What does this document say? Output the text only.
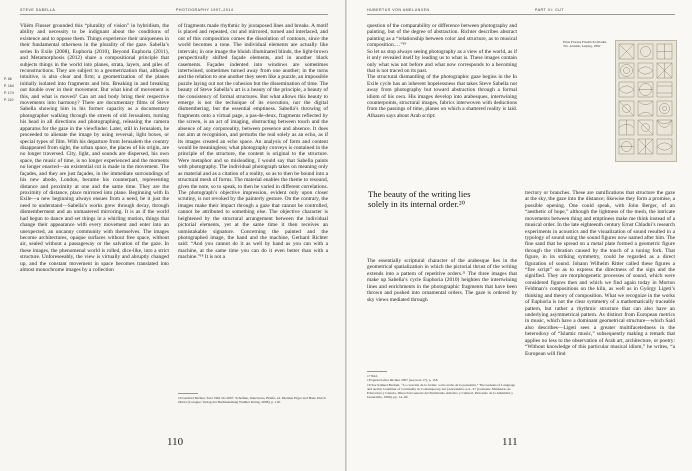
STEVE SABELLA	PHOTOGRAPHY 1997–2014
P. 66
P. 164
P. 174
P. 110

Vilém Flusser grounded this “plurality of vision” in hybridism, the ability and necessity to be indignant about the conditions of existence and to oppose them. Things experience their uniqueness in their fundamental otherness in the plurality of the gaze. Sabella’s series In Exile (2008), Euphoria (2010), Beyond Euphoria (2011), and Metamorphosis (2012) share a compositional principle that subjects things in the world into planes, strata, layers, and piles of reconstructions. They are subject to a geometrization that, although intuitive, is also clear and firm; a geometrization of the planes initially isolated into fragments and bits. Breaking in and breaking out double over in their movement. But what kind of movement is this, and what is moved? Can art and body bring their respective movements into harmony? There are documentary films of Steve Sabella showing him in his former capacity as a documentary photographer walking through the streets of old Jerusalem, turning his head in all directions and photographing, releasing the camera apparatus for the gaze in the viewfinder. Later, still in Jerusalem, he proceeded to alienate the image by using reversal, light boxes, or special types of film. With his departure from Jerusalem the country disappeared from sight, the urban space, the places of his origin, are no longer traversed. City, light, and sounds are dispersed, his own space, the music of time, is no longer experienced and the moments no longer enacted—an existential cut is made in the movement. The façades, and they are just façades, in the immediate surroundings of his new abode, London, became his counterpart, representing distance and proximity at one and the same time. They are the proximity of distance, place mirrored into plane. Beginning with In Exile—a new beginning always ensues from a need, be it just the need to understand—Sabella’s works grew through decay, through dismemberment and an unmastered mirroring. It is as if the world had begun to dance and set things in a whirling motion, things that change their appearance with every movement and enter into an unexpected, an uncanny community with themselves. The images become architectures, opaque surfaces without free space, without air, sealed without a passageway or the salvation of the gaze. In these images, the phenomenal world is rolled, dice-like, into a strict structure. Unforeseeably, the view is virtually and abruptly changed up, and the constant movement in space becomes translated into almost monochrome images by a collection

of fragments made rhythmic by juxtaposed lines and breaks. A motif is placed and repeated, cut and mirrored, turned and interlaced, and out of this composition comes the dissolution of contours, since the world becomes a tone. The individual elements are actually like intervals; in one image the bluish illuminated blinds, the light-brown perspectivally shifted façade elements, and in another black casements. Façades indented into windows are sometimes intertwined, sometimes turned away from one another; in the turns and the relation to one another they seem like a puzzle, an impossible puzzle laying out not the cohesion but the dissemination of time. The beauty of Steve Sabella’s art is a beauty of the principle, a beauty of the consistency of formal structures. But what allows this beauty to emerge is not the technique of its execution, nor the digital dismembering, but the essential emptiness. Sabella’s throwing of fragments onto a virtual page, a pas-de-deux, fragments reflected by the screen, is an act of imaging, obstructing between touch and the absence of any corporeality, between presence and absence. It does not aim at recognition, and perturbs the real solely as an echo, as if its images created an echo space. An analysis of form and content would be meaningless; what photography conveys is contained in the principle of the structure, the content is original to the structure. Were metaphor and so misleading, I would say that Sabella paints with photography. The individual photograph takes on meaning only as material and as a citation of a reality, so as to then be bound into a structural mesh of forms. The material enables the theme to resound, gives the note, so to speak, to then be varied in different correlations. The photograph’s objective impression, evident only upon closer scrutiny, is not revoked by the painterly gesture. On the contrary, the images make their impact through a gaze that cannot be controlled, cannot be attributed to something else. The objective character is heightened by the structural arrangement between the individual pictorial elements, yet at the same time it then receives an unmistakable signature. Concerning the painted and the photographed image, the hand and the machine, Gerhard Richter said: “And you cannot do it as well by hand as you can with a machine, at the same time you can do it even better than with a machine.”¹⁸ It is not a

16 Gerhard Richter, Text 1961 bis 2007. Schriften, Interviews, Briefe, ed. Dietmar Elger and Hans Ulrich Obrist (Cologne: Verlag der Buchhandlung Walther König, 2008), p. 116.
110
HUBERTUS VON AMELUNXEN	PART III: CUT

question of the comparability or difference between photography and painting, but of the degree of abstraction. Richter describes abstract painting as a “relationship between color and structure, as to musical composition.…”¹⁹
So let us stop always seeing photography as a view of the world, as if it only revealed itself by leading us to what is. These images contain only what was not before and what now corresponds to a becoming that is not traced on its past.
The structural dismantling of the photographic gaze begins in the In Exile cycle has an inherent hopelessness that takes Steve Sabella not away from photography but toward abstraction through a formal idiom of his own. His images develop into arabesques, intertwining counterpoints, structural images, fabrics interwoven with deductions from the passings of time, planes on which a shattered reality is laid. Alhazen says about Arab script:

The beauty of the writing lies solely in its internal order.²⁰

The essentially scriptural character of the arabesque lies in the geometrical spatialization in which the pictorial thrust of the writing extends into a pattern of repetitive orders.²¹ The three images that make up Sabella’s cycle Euphoria (2010) heighten the intertwining lines and enrichments in the photographic fragments that have been thrown and pushed into ornamental orders. The gaze is ordered by sky views mediated through

17 Ibid.
18 Quoted after Richter 2007 (see note 17), p. 118.
19 See Samuel Beckett, “Lo creación de la forma: a arte arabe de la pensatión,” The Genesis of Language and Arabic Grammar of Continuity in Contemporary Art (Alexandria, n.d., 27 (Granada: Ministerio de Educación y Ciencia, Dirección General del Patrimonio Artístico y Cultural, Patronato de la Alhambra y Generalife, 1990), pp. 14–20.
Ernst Florens Friedrich Chladni, Tav. Acustik, Leipzig, 1802

trectory or branches. These are ramifications that structure the gaze at the sky, the gaze into the distance; likewise they form a promise, a possible opening. One could speak, with John Berger, of an “aesthetic of hope,” although the lightness of the mesh, the intricate movements between thing and emptiness make me think instead of a musical order. In the late eighteenth century Ernst Chladni’s research experiments in acoustics and the visualization of sound resulted in a typology of sound using the sound figures now named after him. The fine sand that he spread on a metal plate formed a geometric figure through the vibration caused by the touch of a tuning fork. That figure, in its striking symmetry, could be regarded as a direct figuration of sound. Johann Wilhelm Ritter called these figures a “fire script” so as to express the directness of the sign and the signified. They are morphogenetic processes of sound, which were considered figures then and which we find again today in Morton Feldman’s compositions on the kiln, as well as in György Ligeti’s thinking and theory of composition. What we recognize in the works of Euphoria is not the clear symmetry of a mathematically traceable pattern, but rather a rhythmic structure that can also have an underlying asymmetrical pattern. As distinct from European metrics in music, which have a dominant geometrical structure—which Said also describes—Ligeti sees a greater multifacetedness in the heterodoxy of “Islamic music,” subsequently making a remark that applies no less to the observation of Arab art, architecture, or poetry: “Without knowledge of this particular musical idiom,” he writes, “a European will find

111
